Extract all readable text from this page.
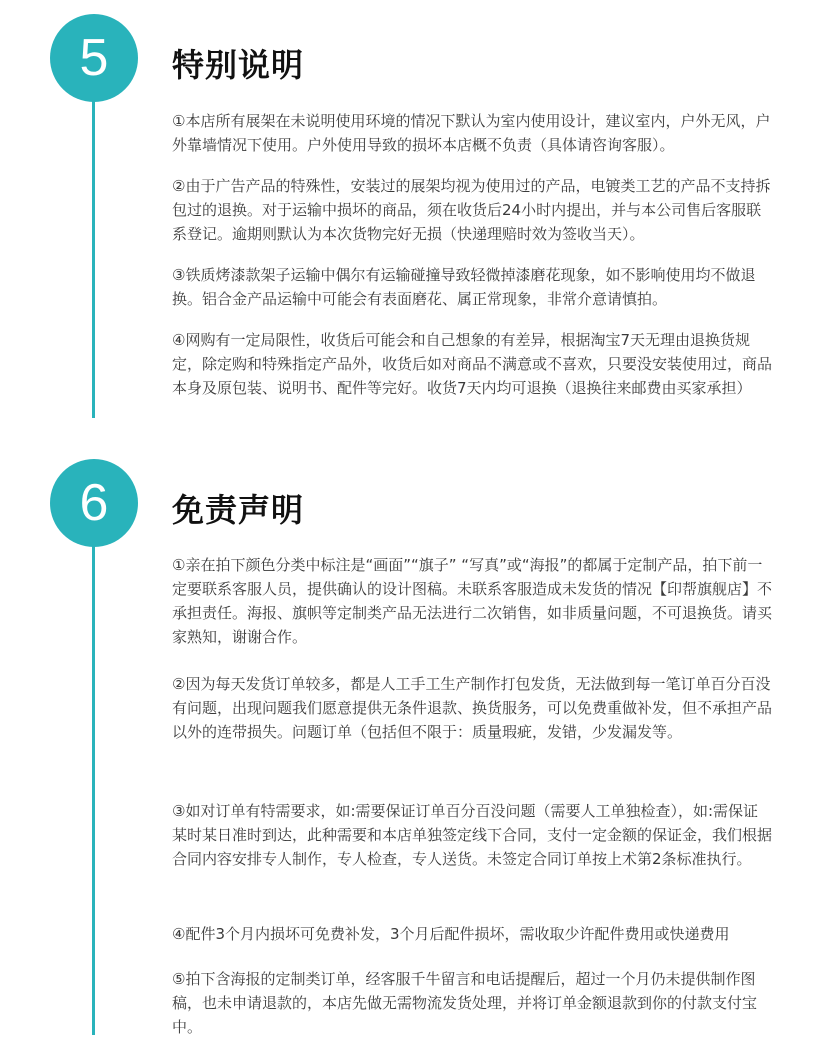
5	特别说明

①本店所有展架在未说明使用环境的情况下默认为室内使用设计，建议室内，户外无风，户外靠墙情况下使用。户外使用导致的损坏本店概不负责（具体请咨询客服）。

②由于广告产品的特殊性，安装过的展架均视为使用过的产品，电镀类工艺的产品不支持拆包过的退换。对于运输中损坏的商品，须在收货后24小时内提出，并与本公司售后客服联系登记。逾期则默认为本次货物完好无损（快递理赔时效为签收当天）。

③铁质烤漆款架子运输中偶尔有运输碰撞导致轻微掉漆磨花现象，如不影响使用均不做退换。铝合金产品运输中可能会有表面磨花、属正常现象，非常介意请慎拍。

④网购有一定局限性，收货后可能会和自己想象的有差异，根据淘宝7天无理由退换货规定，除定购和特殊指定产品外，收货后如对商品不满意或不喜欢，只要没安装使用过，商品本身及原包装、说明书、配件等完好。收货7天内均可退换（退换往来邮费由买家承担）

6	免责声明

①亲在拍下颜色分类中标注是“画面”“旗子” “写真”或“海报”的都属于定制产品，拍下前一定要联系客服人员，提供确认的设计图稿。未联系客服造成未发货的情况【印帮旗舰店】不承担责任。海报、旗帜等定制类产品无法进行二次销售，如非质量问题，不可退换货。请买家熟知，谢谢合作。

②因为每天发货订单较多，都是人工手工生产制作打包发货，无法做到每一笔订单百分百没有问题，出现问题我们愿意提供无条件退款、换货服务，可以免费重做补发，但不承担产品以外的连带损失。问题订单（包括但不限于：质量瑕疵，发错，少发漏发等。

③如对订单有特需要求，如:需要保证订单百分百没问题（需要人工单独检查），如:需保证某时某日准时到达，此种需要和本店单独签定线下合同，支付一定金额的保证金，我们根据合同内容安排专人制作，专人检查，专人送货。未签定合同订单按上术第2条标准执行。

④配件3个月内损坏可免费补发，3个月后配件损坏，需收取少许配件费用或快递费用

⑤拍下含海报的定制类订单，经客服千牛留言和电话提醒后，超过一个月仍未提供制作图稿，也未申请退款的，本店先做无需物流发货处理，并将订单金额退款到你的付款支付宝中。
